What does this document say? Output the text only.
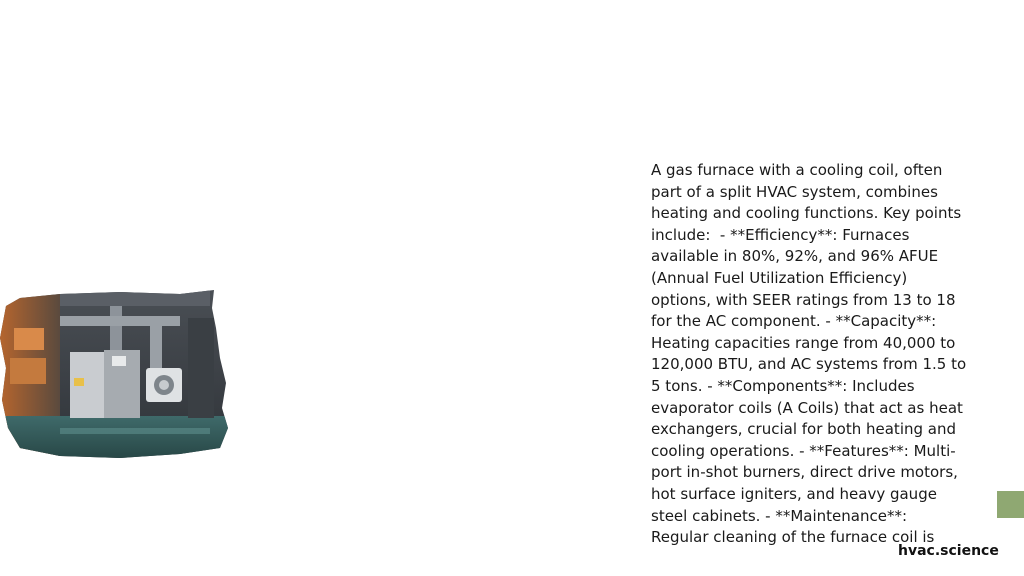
A gas furnace with a cooling coil, often part of a split HVAC system, combines heating and cooling functions. Key points include:  - **Efficiency**: Furnaces available in 80%, 92%, and 96% AFUE (Annual Fuel Utilization Efficiency) options, with SEER ratings from 13 to 18 for the AC component. - **Capacity**: Heating capacities range from 40,000 to 120,000 BTU, and AC systems from 1.5 to 5 tons. - **Components**: Includes evaporator coils (A Coils) that act as heat exchangers, crucial for both heating and cooling operations. - **Features**: Multi-port in-shot burners, direct drive motors, hot surface igniters, and heavy gauge steel cabinets. - **Maintenance**: Regular cleaning of the furnace coil is

hvac.science
